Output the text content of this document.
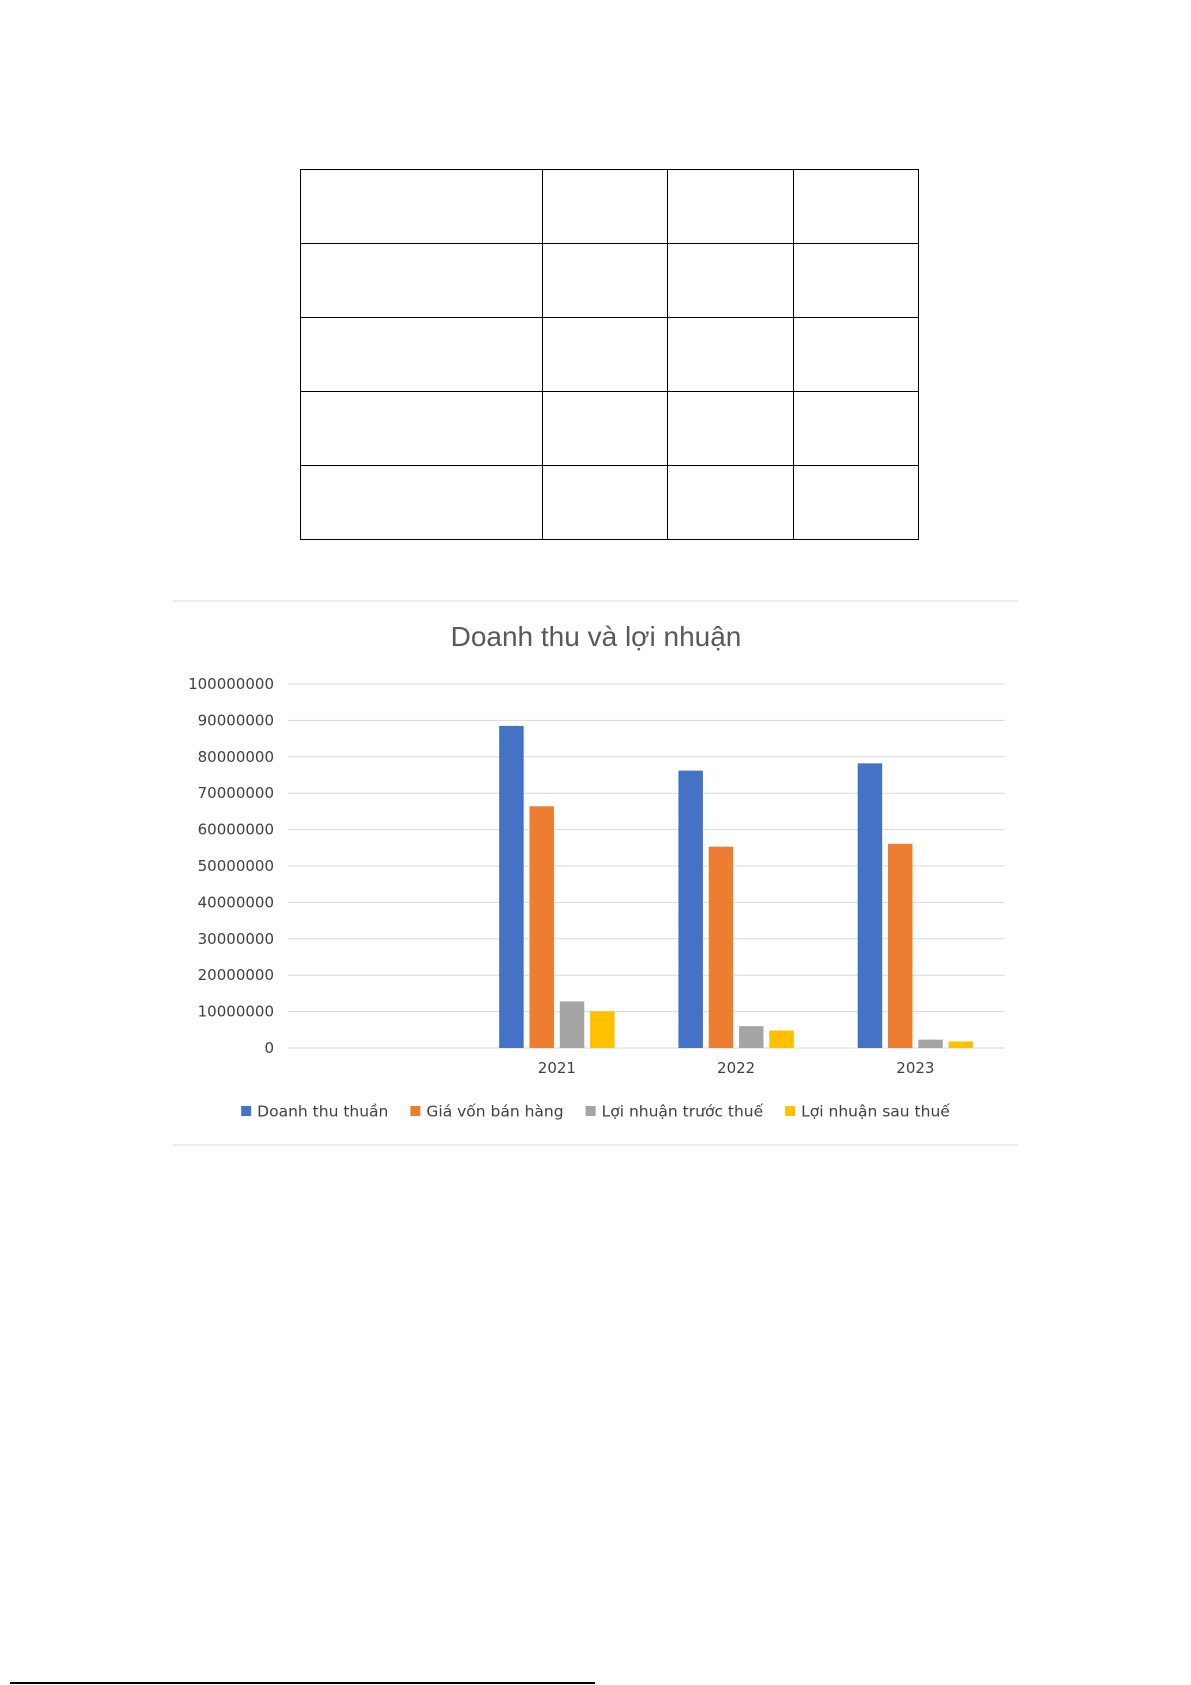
Doanh thu và lợi nhuận
0
10000000
20000000
30000000
40000000
50000000
60000000
70000000
80000000
90000000
100000000
2021	2022	2023
Doanh thu thuần Giá vốn bán hàng Lợi nhuận trước thuế Lợi nhuận sau thuế
